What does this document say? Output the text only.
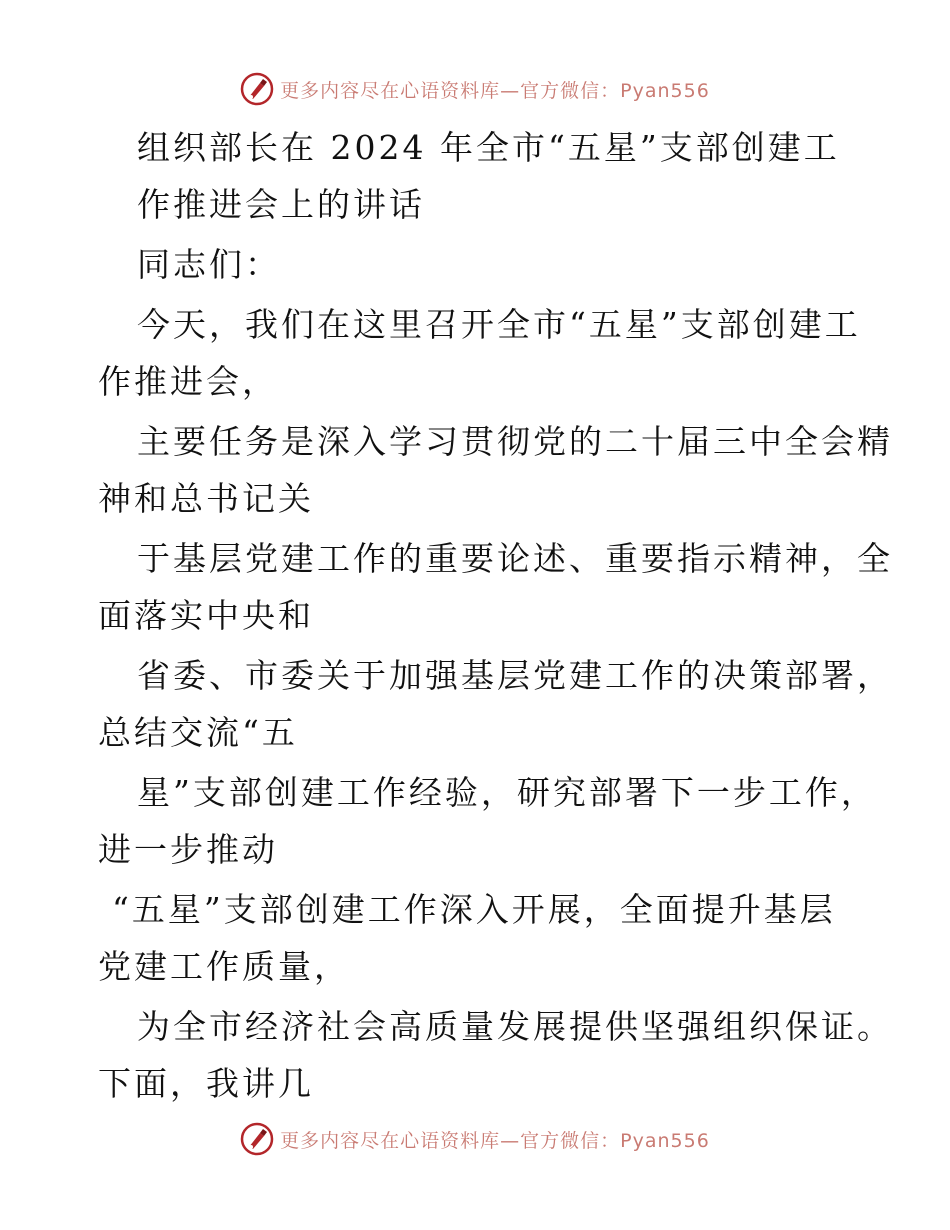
更多内容尽在心语资料库—官方微信：Pyan556
组织部长在 2024 年全市“五星”支部创建工
作推进会上的讲话
同志们：
今天，我们在这里召开全市“五星”支部创建工
作推进会，
主要任务是深入学习贯彻党的二十届三中全会精
神和总书记关
于基层党建工作的重要论述、重要指示精神，全
面落实中央和
省委、市委关于加强基层党建工作的决策部署，
总结交流“五
星”支部创建工作经验，研究部署下一步工作，
进一步推动
“五星”支部创建工作深入开展，全面提升基层
党建工作质量，
为全市经济社会高质量发展提供坚强组织保证。
下面，我讲几
更多内容尽在心语资料库—官方微信：Pyan556
